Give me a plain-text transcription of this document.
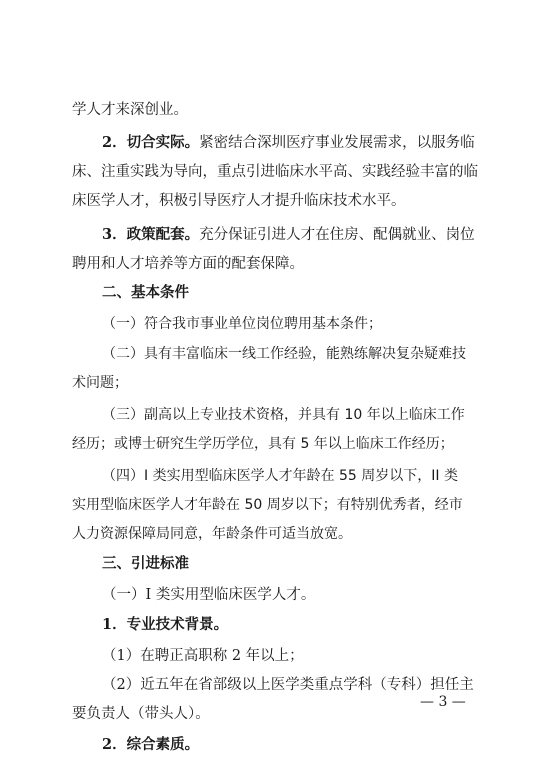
学人才来深创业。
2．切合实际。紧密结合深圳医疗事业发展需求，以服务临
床、注重实践为导向，重点引进临床水平高、实践经验丰富的临
床医学人才，积极引导医疗人才提升临床技术水平。
3．政策配套。充分保证引进人才在住房、配偶就业、岗位
聘用和人才培养等方面的配套保障。
二、基本条件
（一）符合我市事业单位岗位聘用基本条件；
（二）具有丰富临床一线工作经验，能熟练解决复杂疑难技
术问题；
（三）副高以上专业技术资格，并具有 10 年以上临床工作
经历；或博士研究生学历学位，具有 5 年以上临床工作经历；
（四）I 类实用型临床医学人才年龄在 55 周岁以下，II 类
实用型临床医学人才年龄在 50 周岁以下；有特别优秀者，经市
人力资源保障局同意，年龄条件可适当放宽。
三、引进标准
（一）I 类实用型临床医学人才。
1．专业技术背景。
（1）在聘正高职称 2 年以上；
（2）近五年在省部级以上医学类重点学科（专科）担任主
要负责人（带头人）。
2．综合素质。
— 3 —
